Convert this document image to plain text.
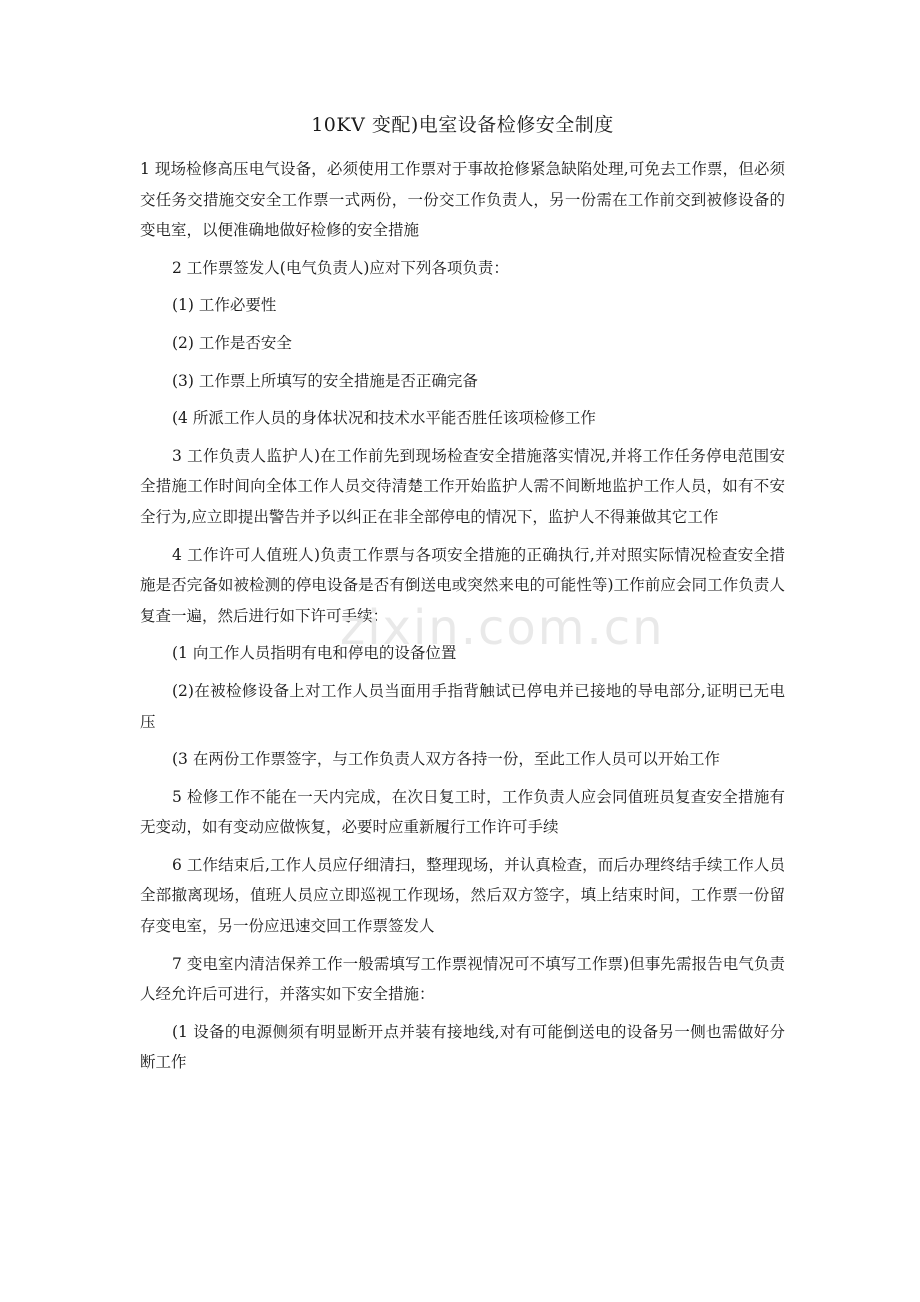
10KV 变配)电室设备检修安全制度

1 现场检修高压电气设备，必须使用工作票对于事故抢修紧急缺陷处理,可免去工作票，但必须交任务交措施交安全工作票一式两份，一份交工作负责人，另一份需在工作前交到被修设备的变电室，以便准确地做好检修的安全措施

2 工作票签发人(电气负责人)应对下列各项负责：

(1) 工作必要性

(2) 工作是否安全

(3) 工作票上所填写的安全措施是否正确完备

(4 所派工作人员的身体状况和技术水平能否胜任该项检修工作

3 工作负责人监护人)在工作前先到现场检查安全措施落实情况,并将工作任务停电范围安全措施工作时间向全体工作人员交待清楚工作开始监护人需不间断地监护工作人员，如有不安全行为,应立即提出警告并予以纠正在非全部停电的情况下，监护人不得兼做其它工作

4 工作许可人值班人)负责工作票与各项安全措施的正确执行,并对照实际情况检查安全措施是否完备如被检测的停电设备是否有倒送电或突然来电的可能性等)工作前应会同工作负责人复查一遍，然后进行如下许可手续：

(1 向工作人员指明有电和停电的设备位置

(2)在被检修设备上对工作人员当面用手指背触试已停电并已接地的导电部分,证明已无电压

(3 在两份工作票签字，与工作负责人双方各持一份，至此工作人员可以开始工作

5 检修工作不能在一天内完成，在次日复工时，工作负责人应会同值班员复查安全措施有无变动，如有变动应做恢复，必要时应重新履行工作许可手续

6 工作结束后,工作人员应仔细清扫，整理现场，并认真检查，而后办理终结手续工作人员全部撤离现场，值班人员应立即巡视工作现场，然后双方签字，填上结束时间，工作票一份留存变电室，另一份应迅速交回工作票签发人

7 变电室内清洁保养工作一般需填写工作票视情况可不填写工作票)但事先需报告电气负责人经允许后可进行，并落实如下安全措施：

(1 设备的电源侧须有明显断开点并装有接地线,对有可能倒送电的设备另一侧也需做好分断工作

zixin.com.cn
